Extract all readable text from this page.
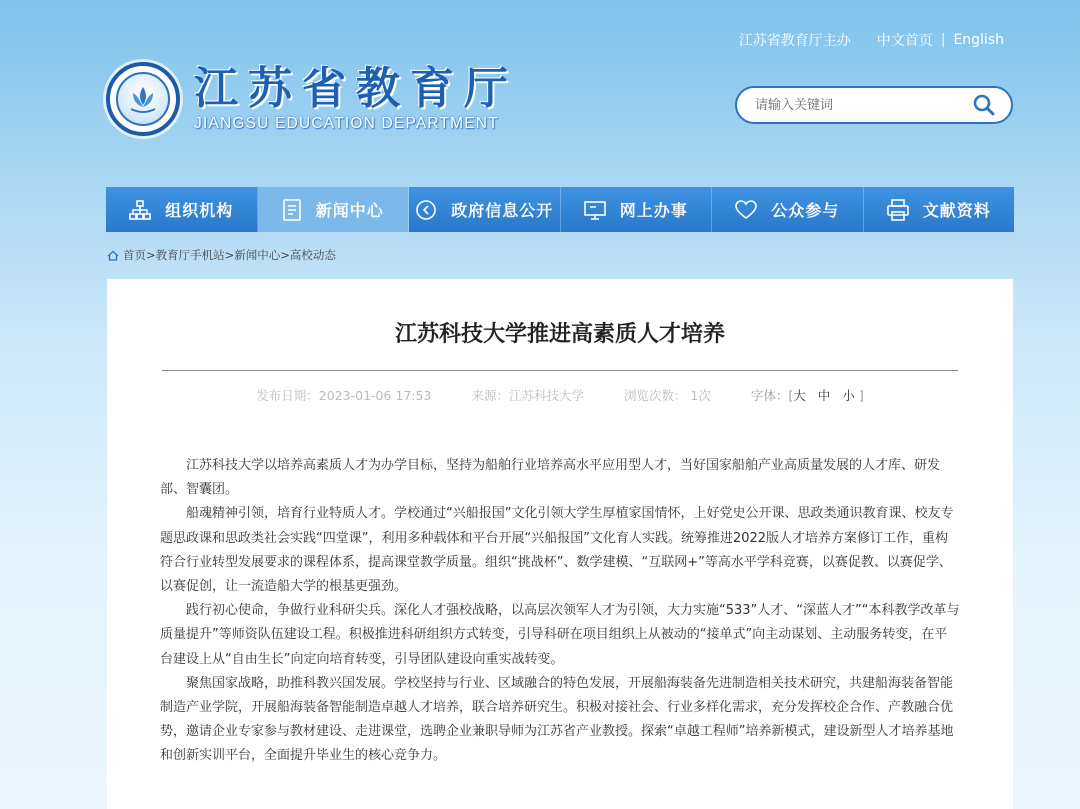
江苏省教育厅主办 中文首页 | English
江苏省教育厅
JIANGSU EDUCATION DEPARTMENT
请输入关键词
组织机构	新闻中心	政府信息公开	网上办事	公众参与	文献资料
首页 > 教育厅手机站 > 新闻中心 > 高校动态
江苏科技大学推进高素质人才培养
发布日期：2023-01-06 17:53	来源：江苏科技大学	浏览次数： 1次	字体：[大 中 小]

江苏科技大学以培养高素质人才为办学目标，坚持为船舶行业培养高水平应用型人才，当好国家船舶产业高质量发展的人才库、研发部、智囊团。

船魂精神引领，培育行业特质人才。学校通过“兴船报国”文化引领大学生厚植家国情怀，上好党史公开课、思政类通识教育课、校友专题思政课和思政类社会实践“四堂课”，利用多种载体和平台开展“兴船报国”文化育人实践。统筹推进2022版人才培养方案修订工作，重构符合行业转型发展要求的课程体系，提高课堂教学质量。组织“挑战杯”、数学建模、“互联网+”等高水平学科竞赛，以赛促教、以赛促学、以赛促创，让一流造船大学的根基更强劲。

践行初心使命，争做行业科研尖兵。深化人才强校战略，以高层次领军人才为引领，大力实施“533”人才、“深蓝人才”“本科教学改革与质量提升”等师资队伍建设工程。积极推进科研组织方式转变，引导科研在项目组织上从被动的“接单式”向主动谋划、主动服务转变，在平台建设上从“自由生长”向定向培育转变，引导团队建设向重实战转变。

聚焦国家战略，助推科教兴国发展。学校坚持与行业、区域融合的特色发展，开展船海装备先进制造相关技术研究，共建船海装备智能制造产业学院，开展船海装备智能制造卓越人才培养，联合培养研究生。积极对接社会、行业多样化需求，充分发挥校企合作、产教融合优势，邀请企业专家参与教材建设、走进课堂，选聘企业兼职导师为江苏省产业教授。探索“卓越工程师”培养新模式，建设新型人才培养基地和创新实训平台，全面提升毕业生的核心竞争力。
